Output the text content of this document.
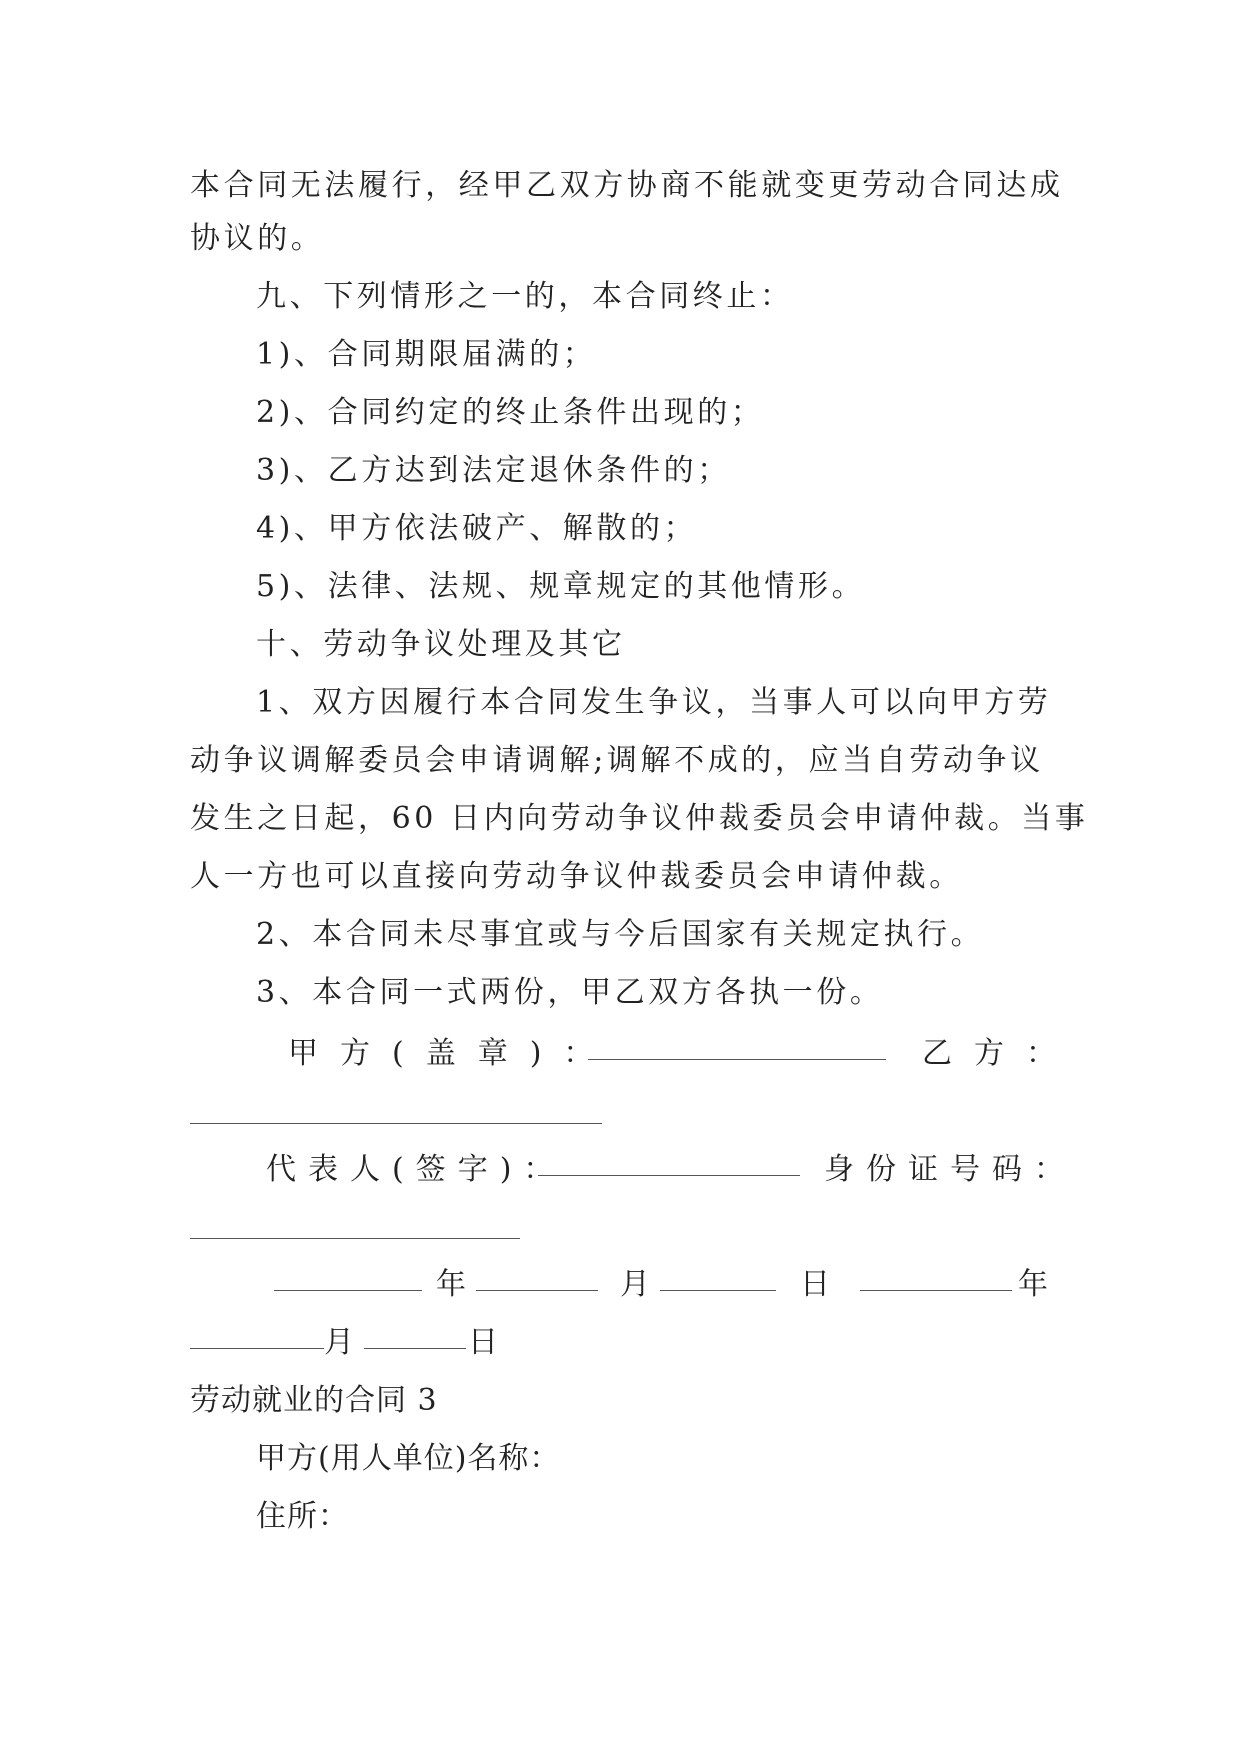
本合同无法履行，经甲乙双方协商不能就变更劳动合同达成
协议的。
九、下列情形之一的，本合同终止：
1)、合同期限届满的；
2)、合同约定的终止条件出现的；
3)、乙方达到法定退休条件的；
4)、甲方依法破产、解散的；
5)、法律、法规、规章规定的其他情形。
十、劳动争议处理及其它
1、双方因履行本合同发生争议，当事人可以向甲方劳
动争议调解委员会申请调解;调解不成的，应当自劳动争议
发生之日起，60 日内向劳动争议仲裁委员会申请仲裁。当事
人一方也可以直接向劳动争议仲裁委员会申请仲裁。
2、本合同未尽事宜或与今后国家有关规定执行。
3、本合同一式两份，甲乙双方各执一份。
甲方(盖章)：	乙方：
代表人(签字)：	身份证号码：
年	月	日	年
月	日
劳动就业的合同 3
甲方(用人单位)名称：
住所：
